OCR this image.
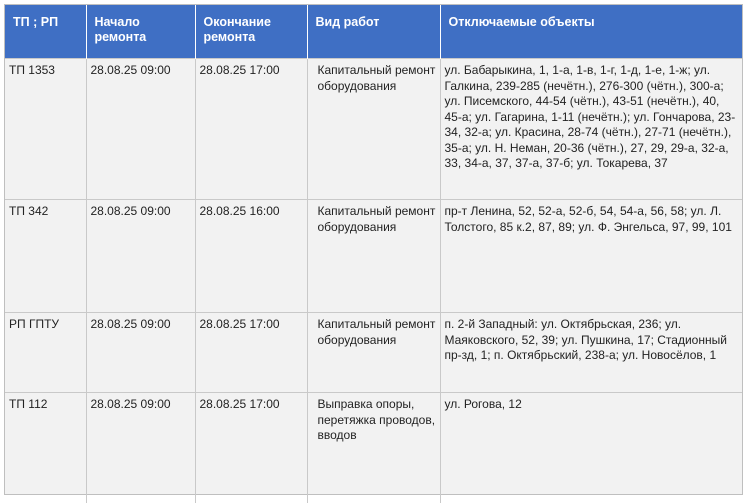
ТП ; РП	Начало ремонта	Окончание ремонта	Вид работ	Отключаемые объекты
ТП 1353	28.08.25 09:00	28.08.25 17:00	Капитальный ремонт оборудования	ул. Бабарыкина, 1, 1-а, 1-в, 1-г, 1-д, 1-е, 1-ж; ул. Галкина, 239-285 (нечётн.), 276-300 (чётн.), 300-а; ул. Писемского, 44-54 (чётн.), 43-51 (нечётн.), 40, 45-а; ул. Гагарина, 1-11 (нечётн.); ул. Гончарова, 23-34, 32-а; ул. Красина, 28-74 (чётн.), 27-71 (нечётн.), 35-а; ул. Н. Неман, 20-36 (чётн.), 27, 29, 29-а, 32-а, 33, 34-а, 37, 37-а, 37-б; ул. Токарева, 37
ТП 342	28.08.25 09:00	28.08.25 16:00	Капитальный ремонт оборудования	пр-т Ленина, 52, 52-а, 52-б, 54, 54-а, 56, 58; ул. Л. Толстого, 85 к.2, 87, 89; ул. Ф. Энгельса, 97, 99, 101
РП ГПТУ	28.08.25 09:00	28.08.25 17:00	Капитальный ремонт оборудования	п. 2-й Западный: ул. Октябрьская, 236; ул. Маяковского, 52, 39; ул. Пушкина, 17; Стадионный пр-зд, 1; п. Октябрьский, 238-а; ул. Новосёлов, 1
ТП 112	28.08.25 09:00	28.08.25 17:00	Выправка опоры, перетяжка проводов, вводов	ул. Рогова, 12
